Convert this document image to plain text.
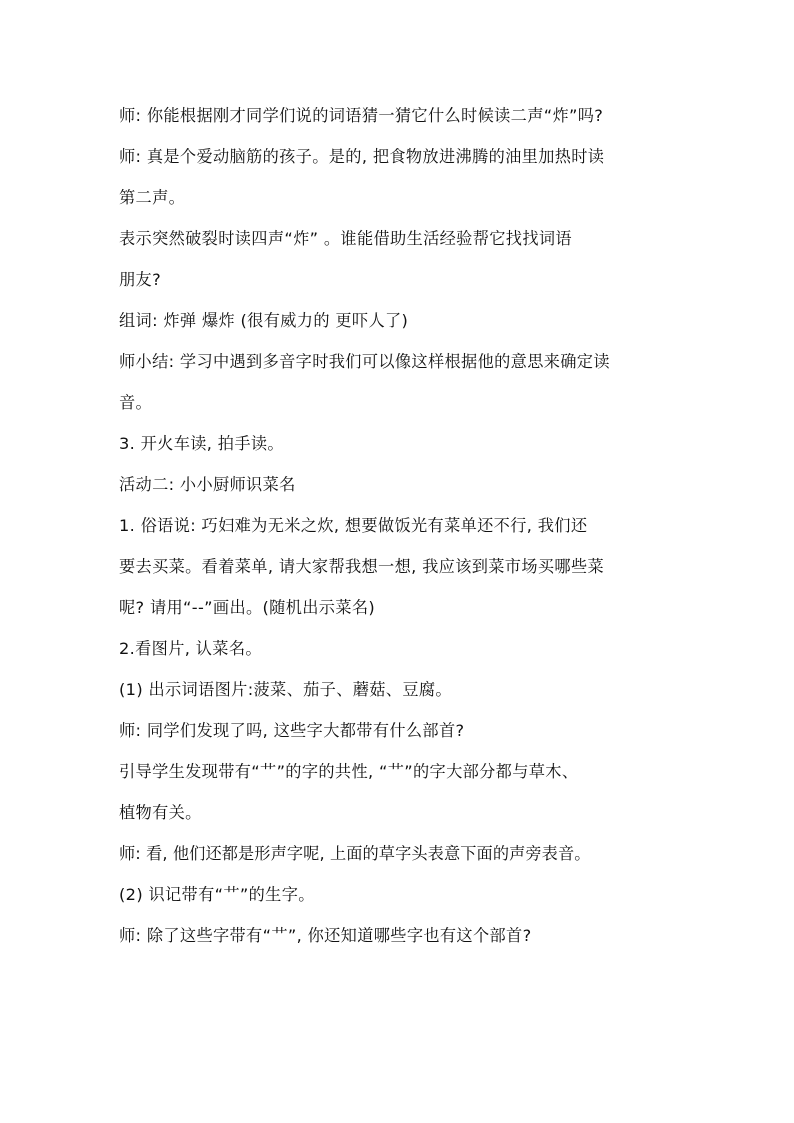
师: 你能根据刚才同学们说的词语猜一猜它什么时候读二声“炸”吗?
师: 真是个爱动脑筋的孩子。是的, 把食物放进沸腾的油里加热时读
第二声。
表示突然破裂时读四声“炸” 。谁能借助生活经验帮它找找词语
朋友?
组词: 炸弹 爆炸 (很有威力的 更吓人了)
师小结: 学习中遇到多音字时我们可以像这样根据他的意思来确定读
音。
3. 开火车读, 拍手读。
活动二: 小小厨师识菜名
1. 俗语说: 巧妇难为无米之炊, 想要做饭光有菜单还不行, 我们还
要去买菜。看着菜单, 请大家帮我想一想, 我应该到菜市场买哪些菜
呢? 请用“--”画出。(随机出示菜名)
2.看图片, 认菜名。
(1) 出示词语图片:菠菜、茄子、蘑菇、豆腐。
师: 同学们发现了吗, 这些字大都带有什么部首?
引导学生发现带有“艹”的字的共性, “艹”的字大部分都与草木、
植物有关。
师: 看, 他们还都是形声字呢, 上面的草字头表意下面的声旁表音。
(2) 识记带有“艹”的生字。
师: 除了这些字带有“艹”, 你还知道哪些字也有这个部首?
